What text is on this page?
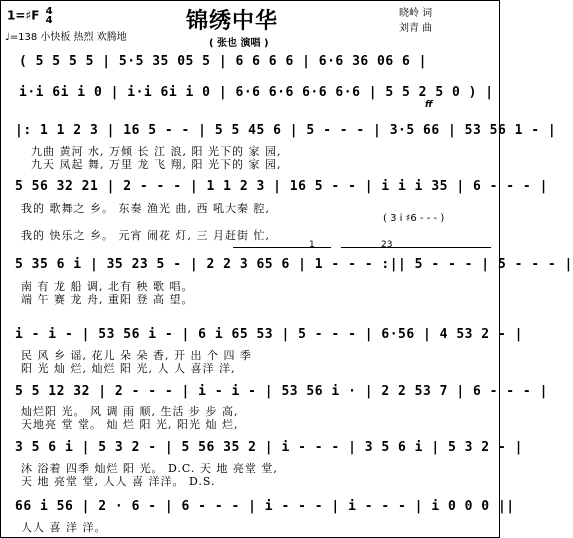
1=♯F 4
4
♩=138 小快板 热烈 欢腾地
锦绣中华
( 张也 演唱 )
晓岭 词
刘青 曲
( 5 5 5 5 | 5·5 35 05 5 | 6 6 6 6 | 6·6 36 06 6 |
i·i 6i i 0 | i·i 6i i 0 | 6·6 6·6 6·6 6·6 | 5 5 2 5 0 ) |
ff
|: 1 1 2 3 | 16 5 - - | 5 5 45 6 | 5 - - - | 3·5 66 | 53 56 1 - |
九曲 黄河 水, 万倾 长 江 浪, 阳 光下的 家 园,
九天 凤起 舞, 万里 龙 飞 翔, 阳 光下的 家 园,
5 56 32 21 | 2 - - - | 1 1 2 3 | 16 5 - - | i i i 35 | 6 - - - |
我的 歌舞之 乡。 东奏 渔光 曲, 西 吼大秦 腔,
我的 快乐之 乡。 元宵 闹花 灯, 三 月赶街 忙,
( 3 i ♯6 - - - )
1	23
5 35 6 i | 35 23 5 - | 2 2 3 65 6 | 1 - - - :|| 5 - - - | 5 - - - |
南 有 龙 船 调, 北有 秧 歌 唱。
端 午 赛 龙 舟, 重阳 登 高 望。
i - i - | 53 56 i - | 6 i 65 53 | 5 - - - | 6·56 | 4 53 2 - |
民 风 乡 谣, 花儿 朵 朵 香, 开 出 个 四 季
阳 光 灿 烂, 灿烂 阳 光, 人 人 喜洋 洋,
5 5 12 32 | 2 - - - | i - i - | 53 56 i · | 2 2 53 7 | 6 - - - |
灿烂阳 光。 风 调 雨 顺, 生活 步 步 高,
天地亮 堂 堂。 灿 烂 阳 光, 阳光 灿 烂,
3 5 6 i | 5 3 2 - | 5 56 35 2 | i - - - | 3 5 6 i | 5 3 2 - |
沐 浴着 四季 灿烂 阳 光。 D.C. 天 地 亮堂 堂,
天 地 亮堂 堂, 人人 喜 洋洋。 D.S.
66 i 56 | 2 · 6 - | 6 - - - | i - - - | i - - - | i 0 0 0 ||
人人 喜 洋 洋。
